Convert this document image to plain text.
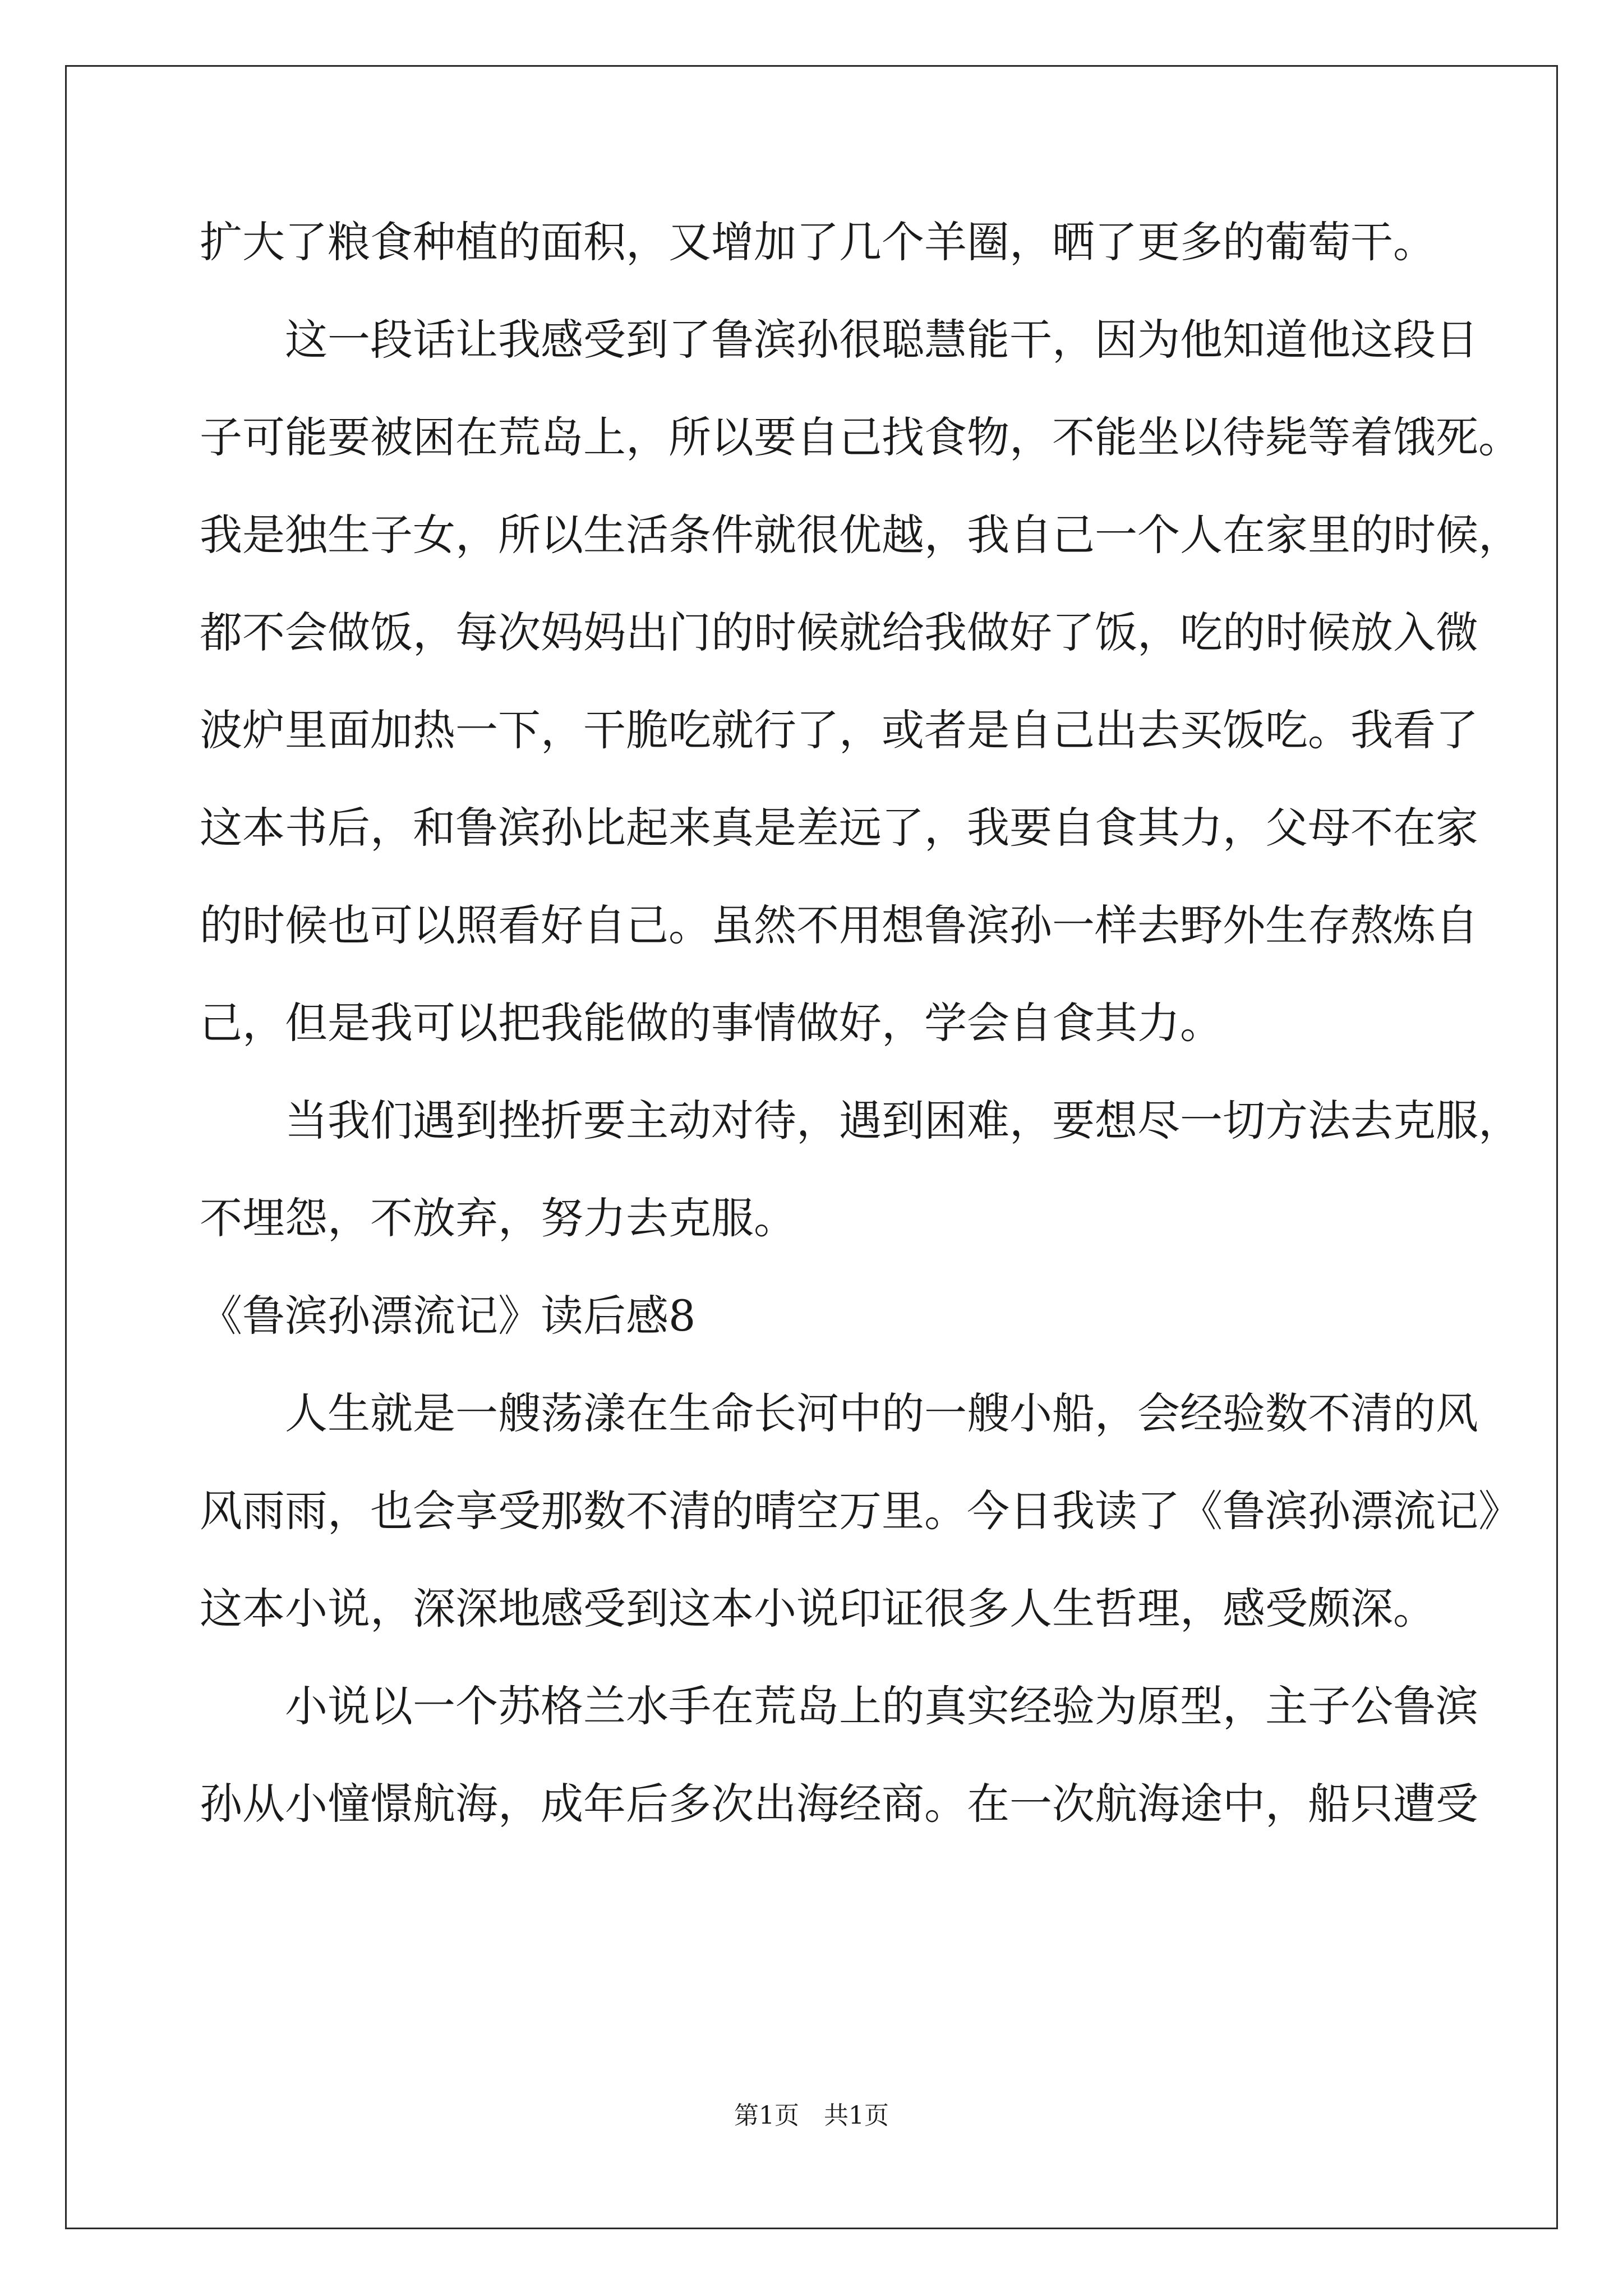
扩大了粮食种植的面积，又增加了几个羊圈，晒了更多的葡萄干。
这一段话让我感受到了鲁滨孙很聪慧能干，因为他知道他这段日
子可能要被困在荒岛上，所以要自己找食物，不能坐以待毙等着饿死。
我是独生子女，所以生活条件就很优越，我自己一个人在家里的时候，
都不会做饭，每次妈妈出门的时候就给我做好了饭，吃的时候放入微
波炉里面加热一下，干脆吃就行了，或者是自己出去买饭吃。我看了
这本书后，和鲁滨孙比起来真是差远了，我要自食其力，父母不在家
的时候也可以照看好自己。虽然不用想鲁滨孙一样去野外生存熬炼自
己，但是我可以把我能做的事情做好，学会自食其力。
当我们遇到挫折要主动对待，遇到困难，要想尽一切方法去克服，
不埋怨，不放弃，努力去克服。
《鲁滨孙漂流记》读后感8
人生就是一艘荡漾在生命长河中的一艘小船，会经验数不清的风
风雨雨，也会享受那数不清的晴空万里。今日我读了《鲁滨孙漂流记》
这本小说，深深地感受到这本小说印证很多人生哲理，感受颇深。
小说以一个苏格兰水手在荒岛上的真实经验为原型，主子公鲁滨
孙从小憧憬航海，成年后多次出海经商。在一次航海途中，船只遭受
第1页　共1页
